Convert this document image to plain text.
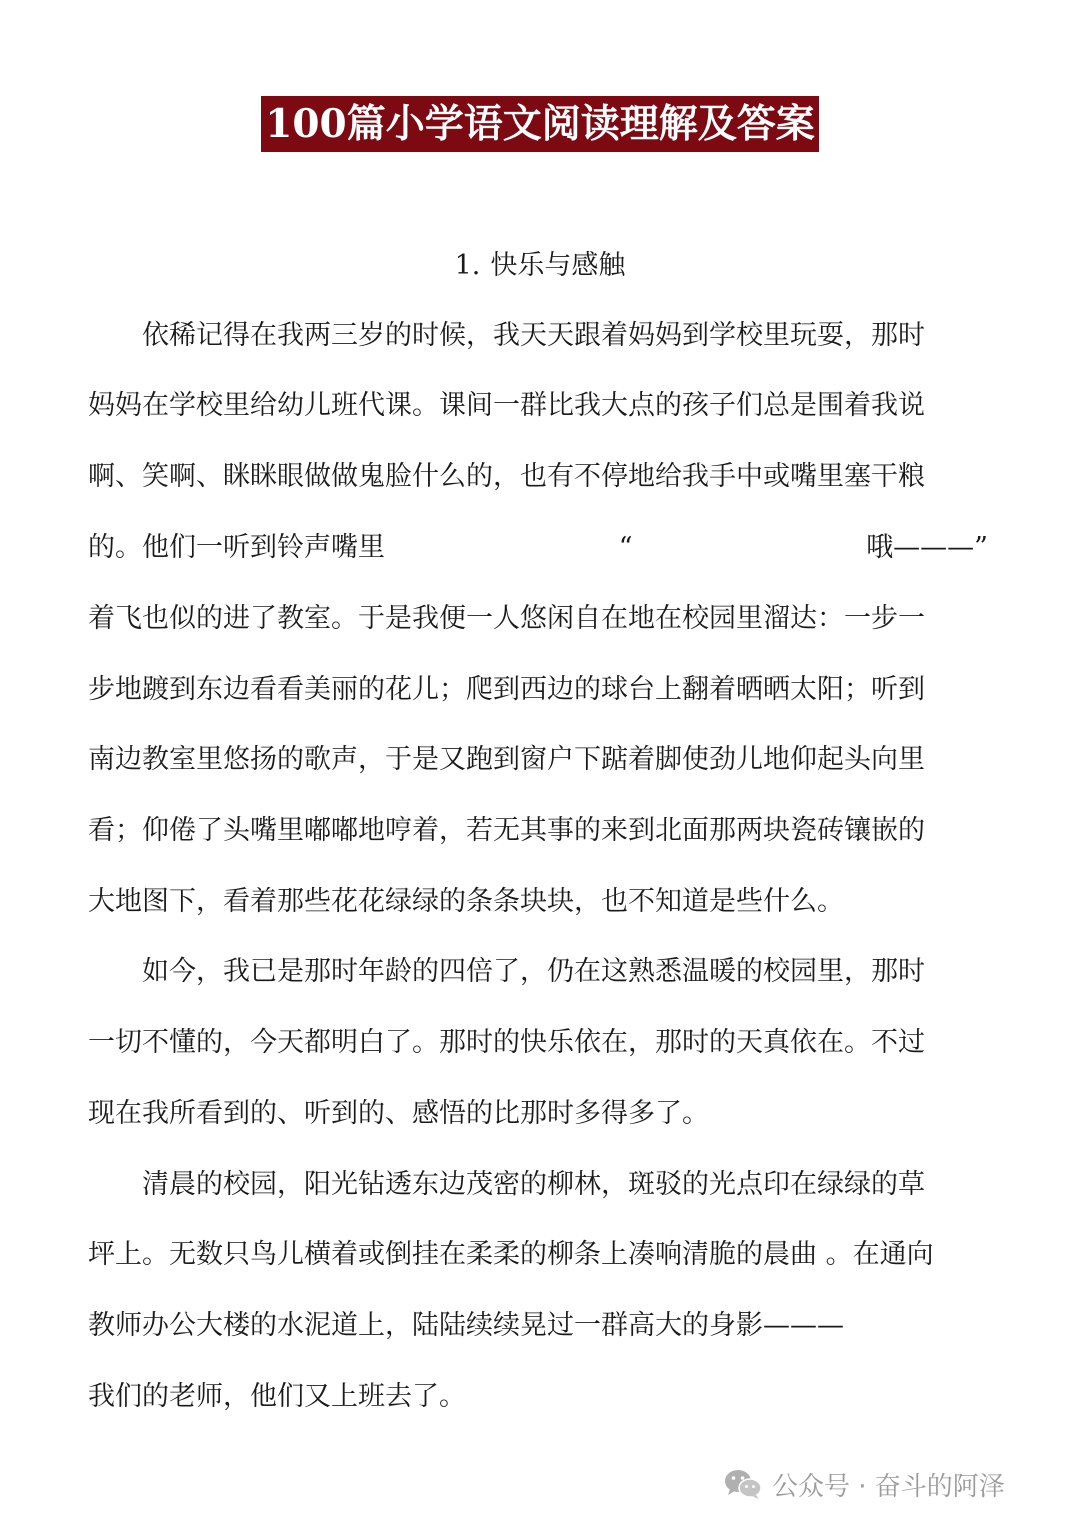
100篇小学语文阅读理解及答案
1. 快乐与感触
　　依稀记得在我两三岁的时候，我天天跟着妈妈到学校里玩耍，那时
妈妈在学校里给幼儿班代课。课间一群比我大点的孩子们总是围着我说
啊、笑啊、眯眯眼做做鬼脸什么的，也有不停地给我手中或嘴里塞干粮
的。他们一听到铃声嘴里	“	哦———”
着飞也似的进了教室。于是我便一人悠闲自在地在校园里溜达：一步一
步地踱到东边看看美丽的花儿；爬到西边的球台上翻着晒晒太阳；听到
南边教室里悠扬的歌声，于是又跑到窗户下踮着脚使劲儿地仰起头向里
看；仰倦了头嘴里嘟嘟地哼着，若无其事的来到北面那两块瓷砖镶嵌的
大地图下，看着那些花花绿绿的条条块块，也不知道是些什么。
　　如今，我已是那时年龄的四倍了，仍在这熟悉温暖的校园里，那时
一切不懂的，今天都明白了。那时的快乐依在，那时的天真依在。不过
现在我所看到的、听到的、感悟的比那时多得多了。
　　清晨的校园，阳光钻透东边茂密的柳林，斑驳的光点印在绿绿的草
坪上。无数只鸟儿横着或倒挂在柔柔的柳条上凑响清脆的晨曲 。在通向
教师办公大楼的水泥道上，陆陆续续晃过一群高大的身影———
我们的老师，他们又上班去了。
公众号 · 奋斗的阿泽
